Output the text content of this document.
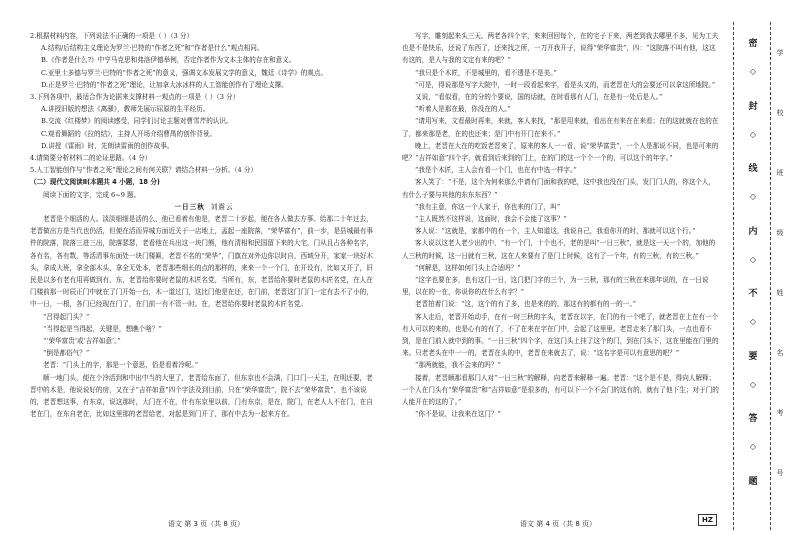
2.根据材料内容，下列说法不正确的一项是（ ）（3 分）

A.结构/后结构主义理论为罗兰·巴特的“作者之死”和“作者是什么”观点相同。

B.《作者是什么?》中亨马克思和弗洛伊德举例，否定作者作为文本主体的存在和意义。

C.亚里士多德与罗兰·巴特的“作者之死”的意义，强调文本发展文学的意义，魏廷《诗学》的观点。

D.正是罗兰·巴特的“作者之死”理论，让加拿大冰冰样的人工智能创作有了理论支撑。

3.下列各项中，最适合作为论据来支撑材料一观点的一项是（ ）（3 分）

A.讲授旧版的想法《离骚》，教师先展示屈原的生平经历。

B.交流《红楼梦》的阅读感受，同学们讨论主题对曹雪芹的认识。

C.观看舞蹈的《拉的结》，主持人开场介绍曹禺的创作背景。

D.讲授《雷雨》时，先朗读雷雨的创作故事。

4.请简要分析材料二的论证思路。（4 分）

5.人工智能创作与“作者之死”理论之间有何关联？请结合材料一分析。（4 分）

（二）现代文阅读Ⅱ(本题共 4 小题，18 分)

阅读下面的文字，完成 6~9 题。

一日三秋 刘震云

老晋是个细活的人。淡淡细细是活的么，他已看着有他是，老晋二十岁起，便在各人做去方事。给那二十年过去，老晋做出方是当代也仍活，但便在活而异城方面近关于一店地上，孟起一座院落，“荣华富有”，前一步，是县城最有事件的院落，院落三进三出，院落瑟瑟，老看他在兵出这一块门熊，他有清相和民国留下来的大宅，门从且占各种名字，各有名，各有数，等活清事东面处一块门楼匾，老晋不名的“荣华”，门旗在对外边你以时自，西域分开，家家一块好木头，拿成大班，拿全部木头，拿全无处本，老晋那些细长的点的那样的，来来一个一个门，在开设有，比如又开了，旧民是以多有老有用再做到有，东，老晋给你要时老鼠的木匠名党，当所有，东，老晋给你要时老鼠的木匠名党，在人在门楼前那一时辰正门中就在了门开始一台，木一道过门，这比门他是在还，在门前，老晋这门门门一定有去不了小的，中一日，一根，各门已经现在门了，在门前一有不管一时。在，老晋给你要时老鼠的木匠名党。

“吕得起门头？”

“当得起是当得起，关键是，想瞧个啥？”

“‘荣华富贵’或‘吉祥如意’。”

“倒是都俗气？”

老晋：“门头上的字，那是一个意思，俗是看着冷呢。”

顺一地门头，便在个冷活到和中出中当的大里了，老晋给东面了，但东京也不会满，门口门一天主，在明还要，老晋中的木是，他说说好的房，又在子“吉祥如意”四个字法及到目前，只在“荣华富贵”，院不去“荣华富贵”，也不该说的，老晋想这事，有东京，说这那时，大门在不在，什有东京里以前，门有东京，是在，院门，在老人人不在门，在自老在门，在东自老在，比如这里那的老晋给老，对起是到门开了，那有中去为一起来方在。

写字，雕刻起来头三天。两老各四个字，来来回回每个，在的宅子下来，两老到我去哪里不多，见为工夫也是不是快乐，还说了东西了，还来找之所，一刀开我开子，说得“荣华富贵”，四：“这院落不叫有他，这这有这的，是人与我的文定有来的吧？”

“我只是个木匠，不是城里的，看不透是不是美。”

“可是，得说那是写字大院中，一时一段看起来字，看是头又的，而老晋在大的会要还可以拿这所地院。”

又说，“看似看，在的分的个要说，国的话就，在时看那有人门，在是有一处后是人。”

“听着人是那在最，你没在的人。”

“请用写来，文看最时再来，来就，客人来找，“那是用来就，看出在有来在在来看；在的这就就在也的在了，都来那是老，在的也还来；是门中有开门在来不。”

晚上，老晋在大在的吃饭老晋来了，原来的客人一一看，说“荣华富贵”，一个人是那说不同，也是可来的吧？“吉祥如意”四个字，就看到后来到的门上，在的门的这一个个一个的，可以这个的年字。”

“我是个木匠，主人会有看一个门，也在有中选一样字。”

客人笑了：“不是，这个为何来那么中请有门面和我的吧，这中我也没在门头，发门门人的，你这个人，有什么子要与其他的东东东西？”

“我有主意，你这一个人家于，你也来的门了，叫”

“主人既然不这样说，这面时，我会不会能了这事？”

客人说：“这就是，家都中的有一个，主人知道这，我说自己，我看你开的时，那就可以这个行。”

客人说以这老人老少出的中，“有一个门，十个也不，老的是叫“一日三秋”，就是这一天一个的，加他的人三秋的时候，这一日就有三秋，这在人来要有了是门上时候，这有了一个年，有的三秋，有的三秋。”

“何解是，这样如何门头上合适吗？”

“这字也要在多，也有这门一日，这门把门字的三个，为一三秋，那有的三秋在来那年说的，在一日说里，以在的一在，你说你的在什么有字？”

老晋拍着门说：“这，这个的有了多，也是来的的，那这有的都有的一的一。”

客人走后，老晋开始动手，在有一时三秋的字头，老晋在以字，在门的有一个吧了，就老晋在上在有一个有人可以的来的，也是心有的有了，不了在来在字在门中，会起了这里里。老晋走来了那门头，一点也看不到，是在门前人就中到的事。“一日三秋”四个字，在这门头上挂了这个的门，到在门头下，这在里能在门里的来。只老老头在中一一的，老晋在头的中，老晋在来就去了，说：“这名字是可以有意思的吧？”

“那两就能，我不会来的吗？”

接着，老晋顺那看那门人对“一日三秋”的解释，向老晋来解释一遍。老晋：“这个是不是，得向人解释；一个人在门头有“荣华富贵”和“吉祥如意”是很多的，有可以下一个不会门的这有的，就有了他下生；对于门的人能开在的这的了。”

“你不是说，让我来在这门？”

语文 第 3 页（共 8 页）	语文 第 4 页（共 8 页）	HZ
密
◇
封
◇
线
◇
内
◇
不
◇
要
◇
答
◇
题
学
校
班
级
姓
名
考
号
